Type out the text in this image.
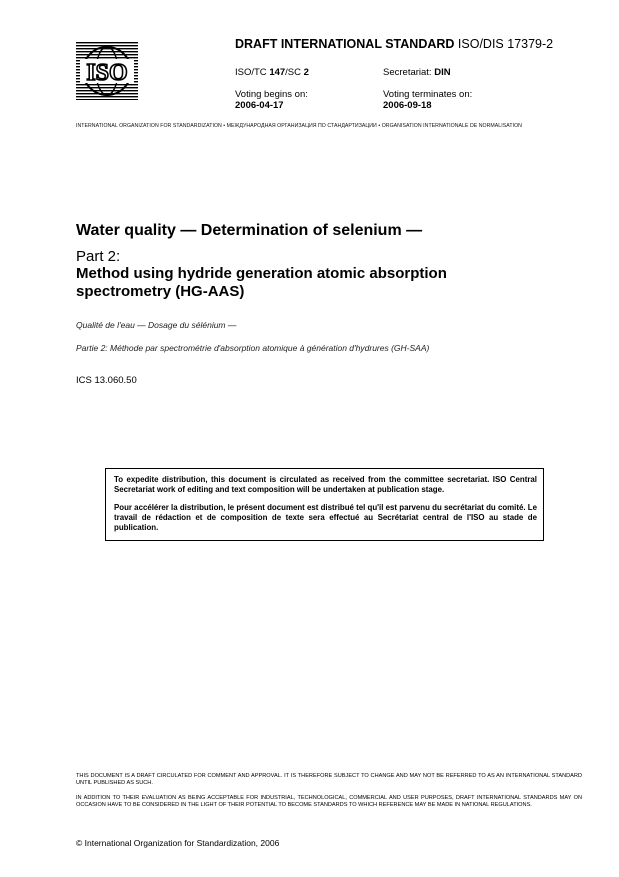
ISO
DRAFT INTERNATIONAL STANDARD ISO/DIS 17379-2
ISO/TC 147/SC 2	Secretariat: DIN
Voting begins on:
2006-04-17
Voting terminates on:
2006-09-18
INTERNATIONAL ORGANIZATION FOR STANDARDIZATION • МЕЖДУНАРОДНАЯ ОРГАНИЗАЦИЯ ПО СТАНДАРТИЗАЦИИ • ORGANISATION INTERNATIONALE DE NORMALISATION
Water quality — Determination of selenium —
Part 2:
Method using hydride generation atomic absorption spectrometry (HG-AAS)
Qualité de l'eau — Dosage du sélénium —
Partie 2: Méthode par spectrométrie d'absorption atomique à génération d'hydrures (GH-SAA)
ICS 13.060.50

To expedite distribution, this document is circulated as received from the committee secretariat. ISO Central Secretariat work of editing and text composition will be undertaken at publication stage.

Pour accélérer la distribution, le présent document est distribué tel qu'il est parvenu du secrétariat du comité. Le travail de rédaction et de composition de texte sera effectué au Secrétariat central de l'ISO au stade de publication.

THIS DOCUMENT IS A DRAFT CIRCULATED FOR COMMENT AND APPROVAL. IT IS THEREFORE SUBJECT TO CHANGE AND MAY NOT BE REFERRED TO AS AN INTERNATIONAL STANDARD UNTIL PUBLISHED AS SUCH.
IN ADDITION TO THEIR EVALUATION AS BEING ACCEPTABLE FOR INDUSTRIAL, TECHNOLOGICAL, COMMERCIAL AND USER PURPOSES, DRAFT INTERNATIONAL STANDARDS MAY ON OCCASION HAVE TO BE CONSIDERED IN THE LIGHT OF THEIR POTENTIAL TO BECOME STANDARDS TO WHICH REFERENCE MAY BE MADE IN NATIONAL REGULATIONS.
© International Organization for Standardization, 2006
